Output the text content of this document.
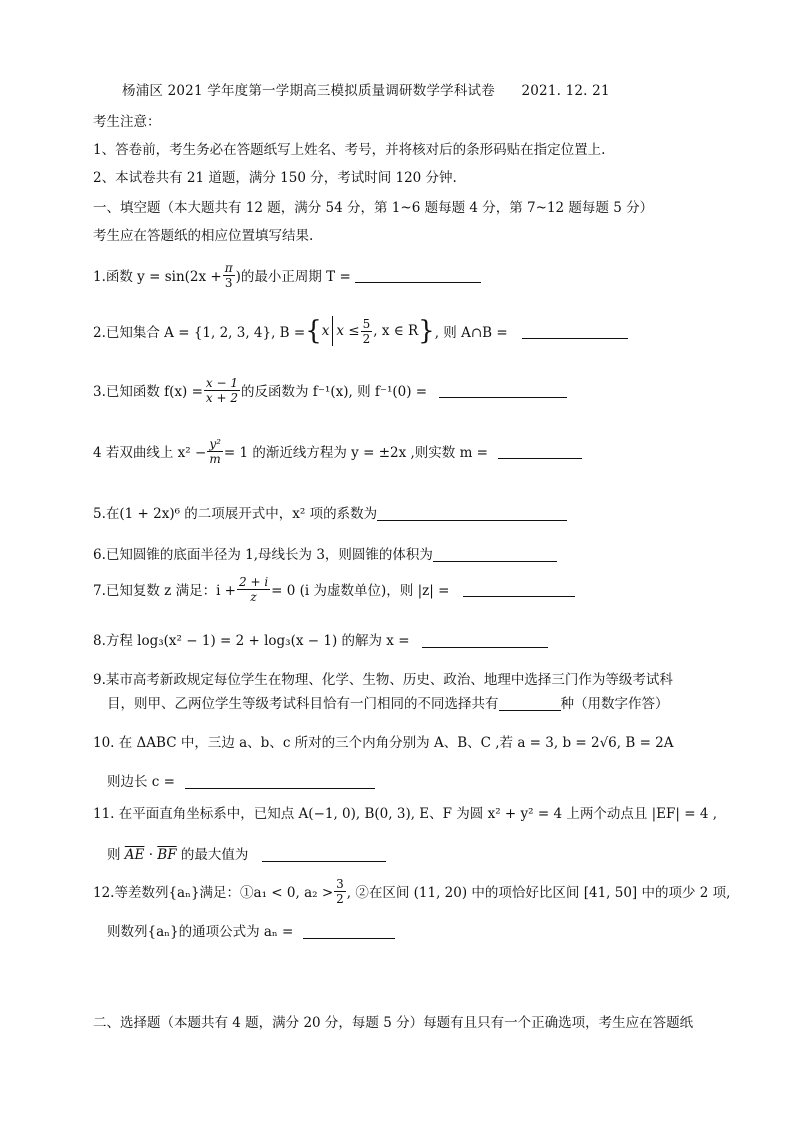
杨浦区 2021 学年度第一学期高三模拟质量调研数学学科试卷 2021. 12. 21
考生注意：
1、答卷前，考生务必在答题纸写上姓名、考号，并将核对后的条形码贴在指定位置上.
2、本试卷共有 21 道题，满分 150 分，考试时间 120 分钟.
一、填空题（本大题共有 12 题，满分 54 分，第 1~6 题每题 4 分，第 7~12 题每题 5 分）
考生应在答题纸的相应位置填写结果.
1.函数 $y = \sin(2x + \frac{\pi}{3}$ )的最小正周期 T =
2.已知集合 A = {1, 2, 3, 4}, B = { x $x \le \frac{5}{2}$ , x ∈ R } , 则 A∩B =
3.已知函数 $f(x) = \frac{x - 1}{x + 2}$ 的反函数为 f⁻¹(x), 则 f⁻¹(0) =
4 若双曲线上 $x^2 - \frac{\text{y²}}{m} = 1$ 的渐近线方程为 y = ±2x ,则实数 m =
5.在(1 + 2x)⁶ 的二项展开式中，x² 项的系数为
6.已知圆锥的底面半径为 1,母线长为 3，则圆锥的体积为
7.已知复数 z 满足：$i + \frac{2 + i}{z} = 0$ (i 为虚数单位)，则 |z| =
8.方程 log₃(x² − 1) = 2 + log₃(x − 1) 的解为 x =
9.某市高考新政规定每位学生在物理、化学、生物、历史、政治、地理中选择三门作为等级考试科
目，则甲、乙两位学生等级考试科目恰有一门相同的不同选择共有	种（用数字作答）
10. 在 ΔABC 中，三边 a、b、c 所对的三个内角分别为 A、B、C ,若 a = 3, b = 2√6, B = 2A
则边长 c =
11. 在平面直角坐标系中，已知点 A(−1, 0), B(0, 3), E、F 为圆 x² + y² = 4 上两个动点且 |EF| = 4 ,
则 $\overline{AE} \cdot \overline{BF}$ 的最大值为
12.等差数列{aₙ}满足：①a₁ < 0, $a_2 > \frac{3}{2}$ , ②在区间 (11, 20) 中的项恰好比区间 [41, 50] 中的项少 2 项,
则数列{aₙ}的通项公式为 aₙ =
二、选择题（本题共有 4 题，满分 20 分，每题 5 分）每题有且只有一个正确选项，考生应在答题纸
